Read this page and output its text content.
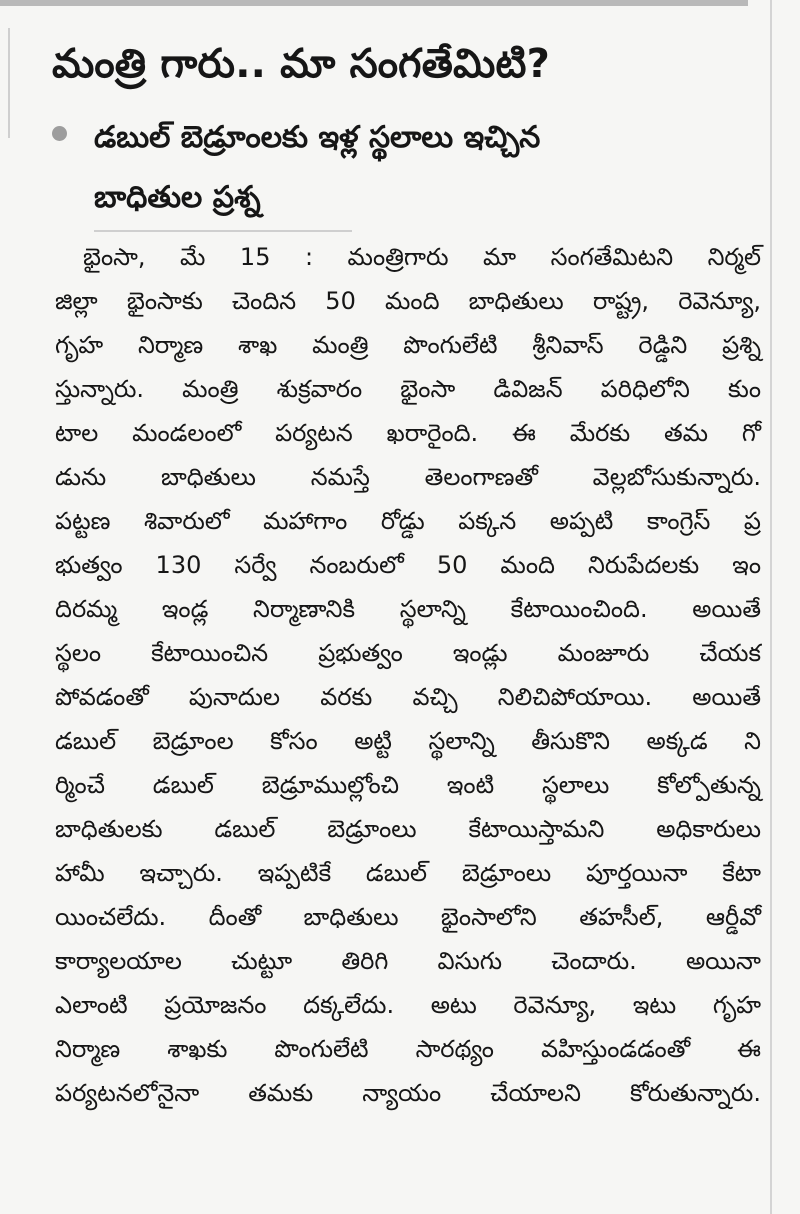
మంత్రి గారు.. మా సంగతేమిటి?
డబుల్ బెడ్రూంలకు ఇళ్ల స్థలాలు ఇచ్చిన
బాధితుల ప్రశ్న
భైంసా, మే 15 : మంత్రిగారు మా సంగతేమిటని నిర్మల్
జిల్లా భైంసాకు చెందిన 50 మంది బాధితులు రాష్ట్ర, రెవెన్యూ,
గృహ నిర్మాణ శాఖ మంత్రి పొంగులేటి శ్రీనివాస్ రెడ్డిని ప్రశ్ని
స్తున్నారు. మంత్రి శుక్రవారం భైంసా డివిజన్ పరిధిలోని కుం
టాల మండలంలో పర్యటన ఖరారైంది. ఈ మేరకు తమ గో
డును బాధితులు నమస్తే తెలంగాణతో వెల్లబోసుకున్నారు.
పట్టణ శివారులో మహాగాం రోడ్డు పక్కన అప్పటి కాంగ్రెస్ ప్ర
భుత్వం 130 సర్వే నంబరులో 50 మంది నిరుపేదలకు ఇం
దిరమ్మ ఇండ్ల నిర్మాణానికి స్థలాన్ని కేటాయించింది. అయితే
స్థలం కేటాయించిన ప్రభుత్వం ఇండ్లు మంజూరు చేయక
పోవడంతో పునాదుల వరకు వచ్చి నిలిచిపోయాయి. అయితే
డబుల్ బెడ్రూంల కోసం అట్టి స్థలాన్ని తీసుకొని అక్కడ ని
ర్మించే డబుల్ బెడ్రూముల్లోంచి ఇంటి స్థలాలు కోల్పోతున్న
బాధితులకు డబుల్ బెడ్రూంలు కేటాయిస్తామని అధికారులు
హామీ ఇచ్చారు. ఇప్పటికే డబుల్ బెడ్రూంలు పూర్తయినా కేటా
యించలేదు. దీంతో బాధితులు భైంసాలోని తహసీల్, ఆర్డీవో
కార్యాలయాల చుట్టూ తిరిగి విసుగు చెందారు. అయినా
ఎలాంటి ప్రయోజనం దక్కలేదు. అటు రెవెన్యూ, ఇటు గృహ
నిర్మాణ శాఖకు పొంగులేటి సారథ్యం వహిస్తుండడంతో ఈ
పర్యటనలోనైనా తమకు న్యాయం చేయాలని కోరుతున్నారు.
